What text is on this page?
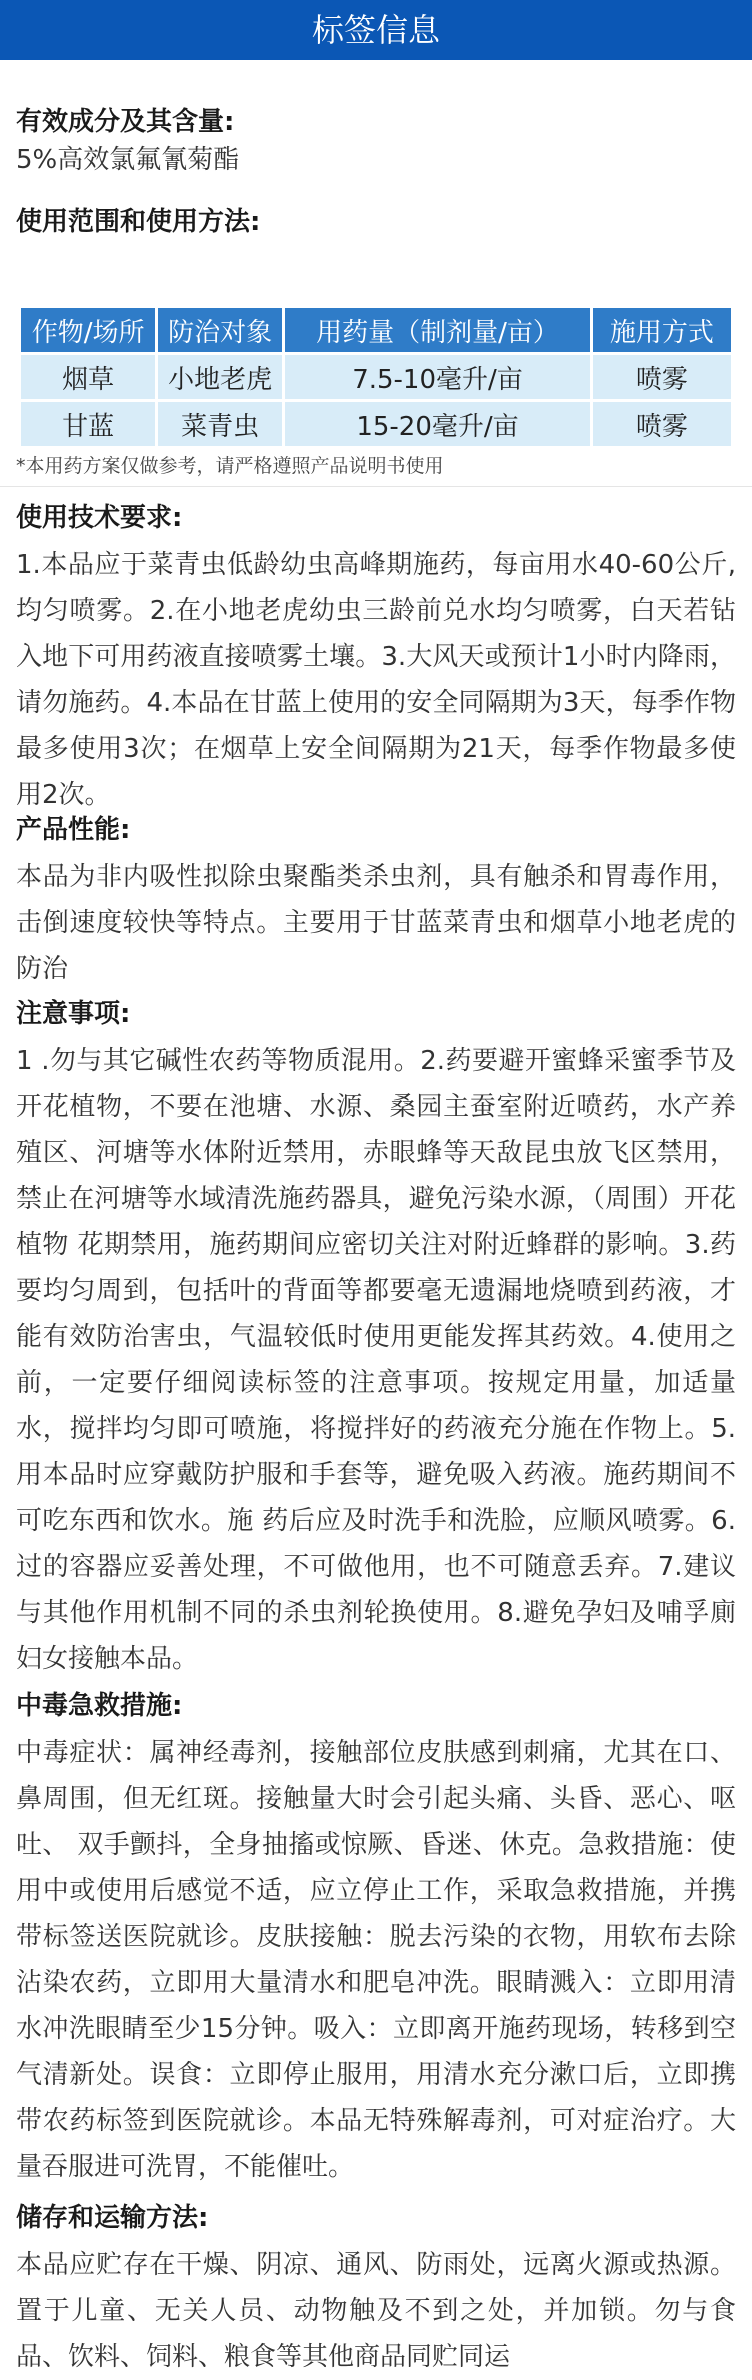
标签信息
有效成分及其含量:
5%高效氯氟氰菊酯
使用范围和使用方法:
作物/场所	防治对象	用药量（制剂量/亩）	施用方式
烟草	小地老虎	7.5-10毫升/亩	喷雾
甘蓝	菜青虫	15-20毫升/亩	喷雾
*本用药方案仅做参考，请严格遵照产品说明书使用
使用技术要求:
1.本品应于菜青虫低龄幼虫高峰期施药，每亩用水40-60公斤,均匀喷雾。2.在小地老虎幼虫三龄前兑水均匀喷雾，白天若钻入地下可用药液直接喷雾土壤。3.大风天或预计1小时内降雨，请勿施药。4.本品在甘蓝上使用的安全同隔期为3天，每季作物最多使用3次；在烟草上安全间隔期为21天，每季作物最多使用2次。
产品性能:
本品为非内吸性拟除虫聚酯类杀虫剂，具有触杀和胃毒作用，击倒速度较快等特点。主要用于甘蓝菜青虫和烟草小地老虎的防治
注意事项:
1 .勿与其它碱性农药等物质混用。2.药要避开蜜蜂采蜜季节及开花植物，不要在池塘、水源、桑园主蚕室附近喷药，水产养殖区、河塘等水体附近禁用，赤眼蜂等天敌昆虫放飞区禁用，禁止在河塘等水域清洗施药器具，避免污染水源，（周围）开花植物 花期禁用，施药期间应密切关注对附近蜂群的影响。3.药要均匀周到，包括叶的背面等都要毫无遗漏地烧喷到药液，才能有效防治害虫，气温较低时使用更能发挥其药效。4.使用之前，一定要仔细阅读标签的注意事项。按规定用量，加适量水，搅拌均匀即可喷施，将搅拌好的药液充分施在作物上。5.用本品时应穿戴防护服和手套等，避免吸入药液。施药期间不可吃东西和饮水。施 药后应及时洗手和洗脸，应顺风喷雾。6.过的容器应妥善处理，不可做他用，也不可随意丢弃。7.建议与其他作用机制不同的杀虫剂轮换使用。8.避免孕妇及哺孚廁妇女接触本品。
中毒急救措施:
中毒症状：属神经毒剂，接触部位皮肤感到刺痛，尤其在口、鼻周围，但无红斑。接触量大时会引起头痛、头昏、恶心、呕吐、 双手颤抖，全身抽搐或惊厥、昏迷、休克。急救措施：使用中或使用后感觉不适，应立停止工作，采取急救措施，并携带标签送医院就诊。皮肤接触：脱去污染的衣物，用软布去除沾染农药，立即用大量清水和肥皂冲洗。眼睛溅入：立即用清水冲洗眼睛至少15分钟。吸入：立即离开施药现场，转移到空气清新处。误食：立即停止服用，用清水充分漱口后，立即携带农药标签到医院就诊。本品无特殊解毒剂，可对症治疗。大量吞服进可洗胃，不能催吐。
储存和运输方法:
本品应贮存在干燥、阴凉、通风、防雨处，远离火源或热源。置于儿童、无关人员、动物触及不到之处，并加锁。勿与食品、饮料、饲料、粮食等其他商品同贮同运
